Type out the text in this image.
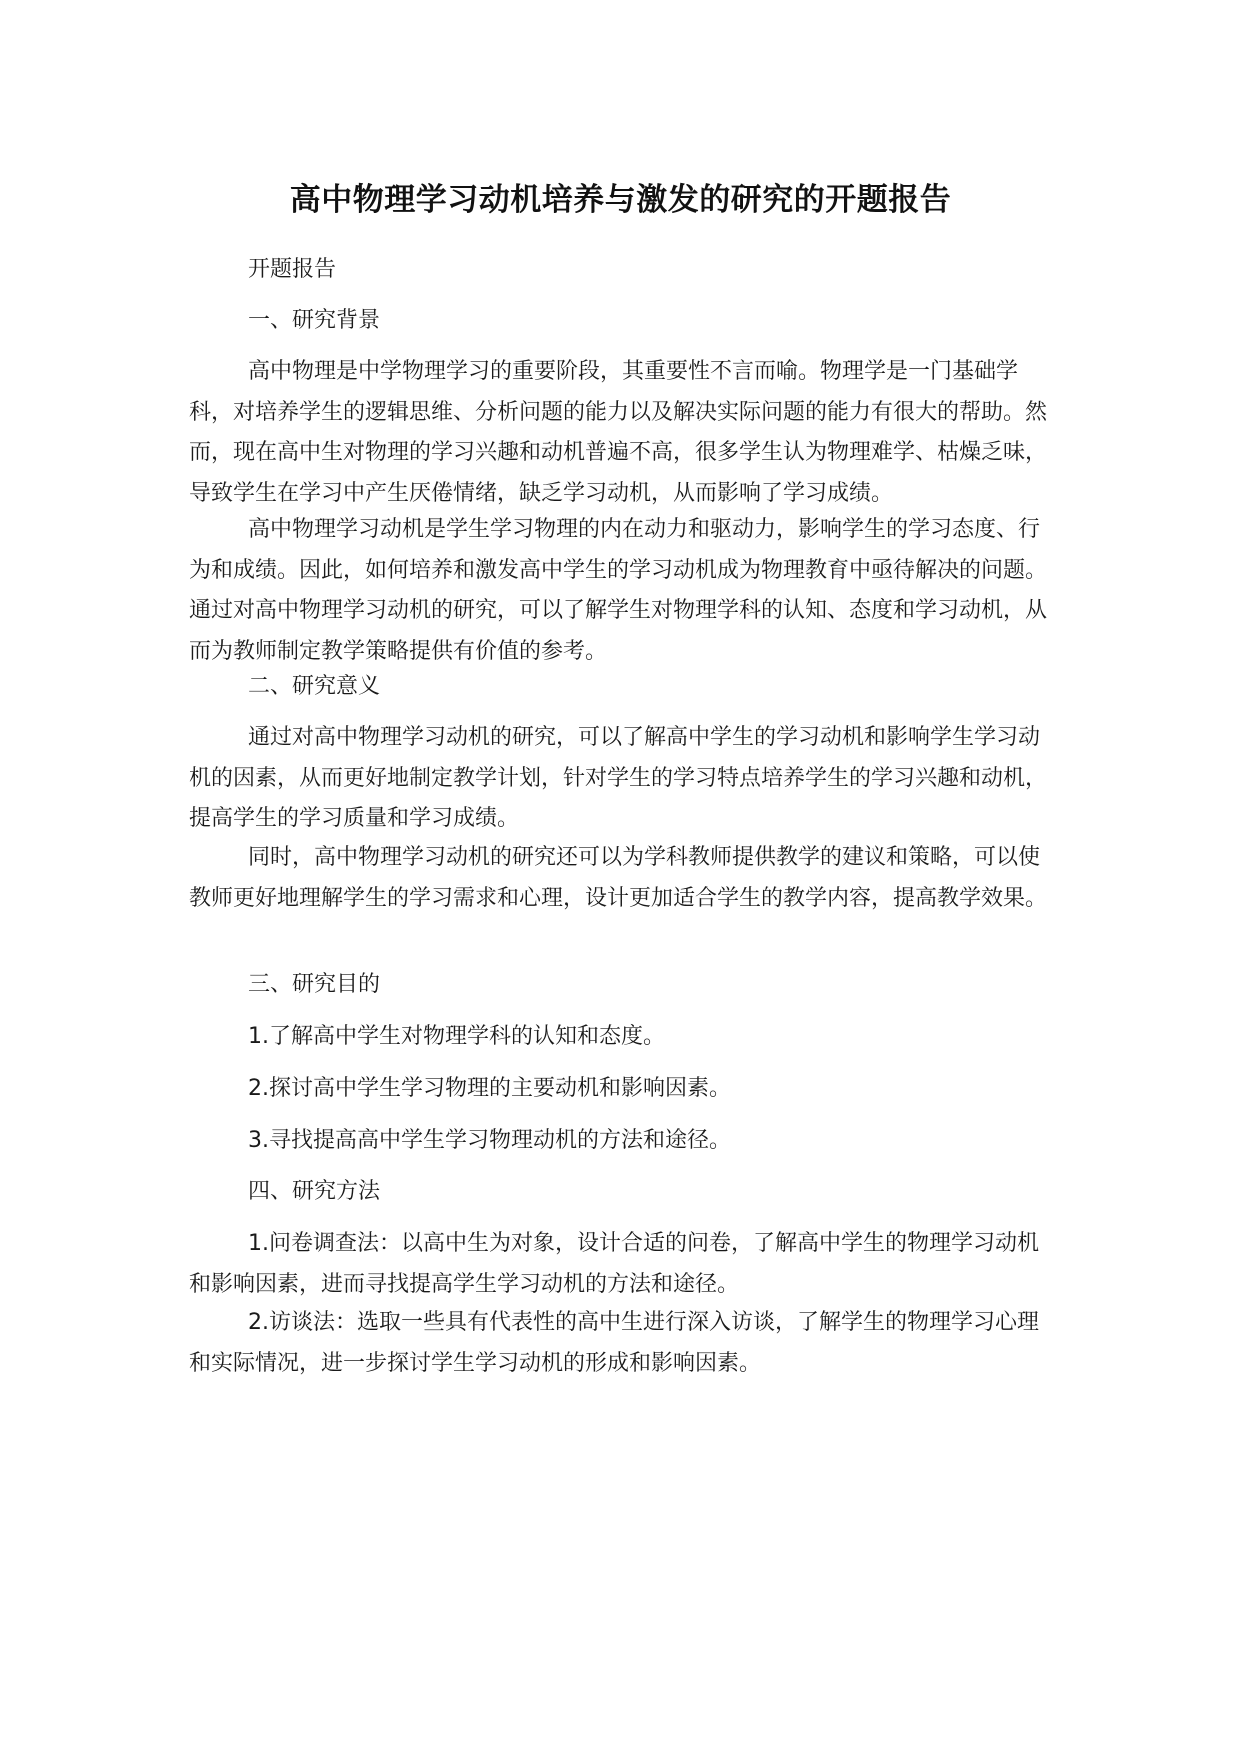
高中物理学习动机培养与激发的研究的开题报告
开题报告
一、研究背景
高中物理是中学物理学习的重要阶段，其重要性不言而喻。物理学是一门基础学科，对培养学生的逻辑思维、分析问题的能力以及解决实际问题的能力有很大的帮助。然而，现在高中生对物理的学习兴趣和动机普遍不高，很多学生认为物理难学、枯燥乏味，导致学生在学习中产生厌倦情绪，缺乏学习动机，从而影响了学习成绩。
高中物理学习动机是学生学习物理的内在动力和驱动力，影响学生的学习态度、行为和成绩。因此，如何培养和激发高中学生的学习动机成为物理教育中亟待解决的问题。通过对高中物理学习动机的研究，可以了解学生对物理学科的认知、态度和学习动机，从而为教师制定教学策略提供有价值的参考。
二、研究意义
通过对高中物理学习动机的研究，可以了解高中学生的学习动机和影响学生学习动机的因素，从而更好地制定教学计划，针对学生的学习特点培养学生的学习兴趣和动机，提高学生的学习质量和学习成绩。
同时，高中物理学习动机的研究还可以为学科教师提供教学的建议和策略，可以使教师更好地理解学生的学习需求和心理，设计更加适合学生的教学内容，提高教学效果。
三、研究目的
1.了解高中学生对物理学科的认知和态度。
2.探讨高中学生学习物理的主要动机和影响因素。
3.寻找提高高中学生学习物理动机的方法和途径。
四、研究方法
1.问卷调查法：以高中生为对象，设计合适的问卷，了解高中学生的物理学习动机和影响因素，进而寻找提高学生学习动机的方法和途径。
2.访谈法：选取一些具有代表性的高中生进行深入访谈，了解学生的物理学习心理和实际情况，进一步探讨学生学习动机的形成和影响因素。
